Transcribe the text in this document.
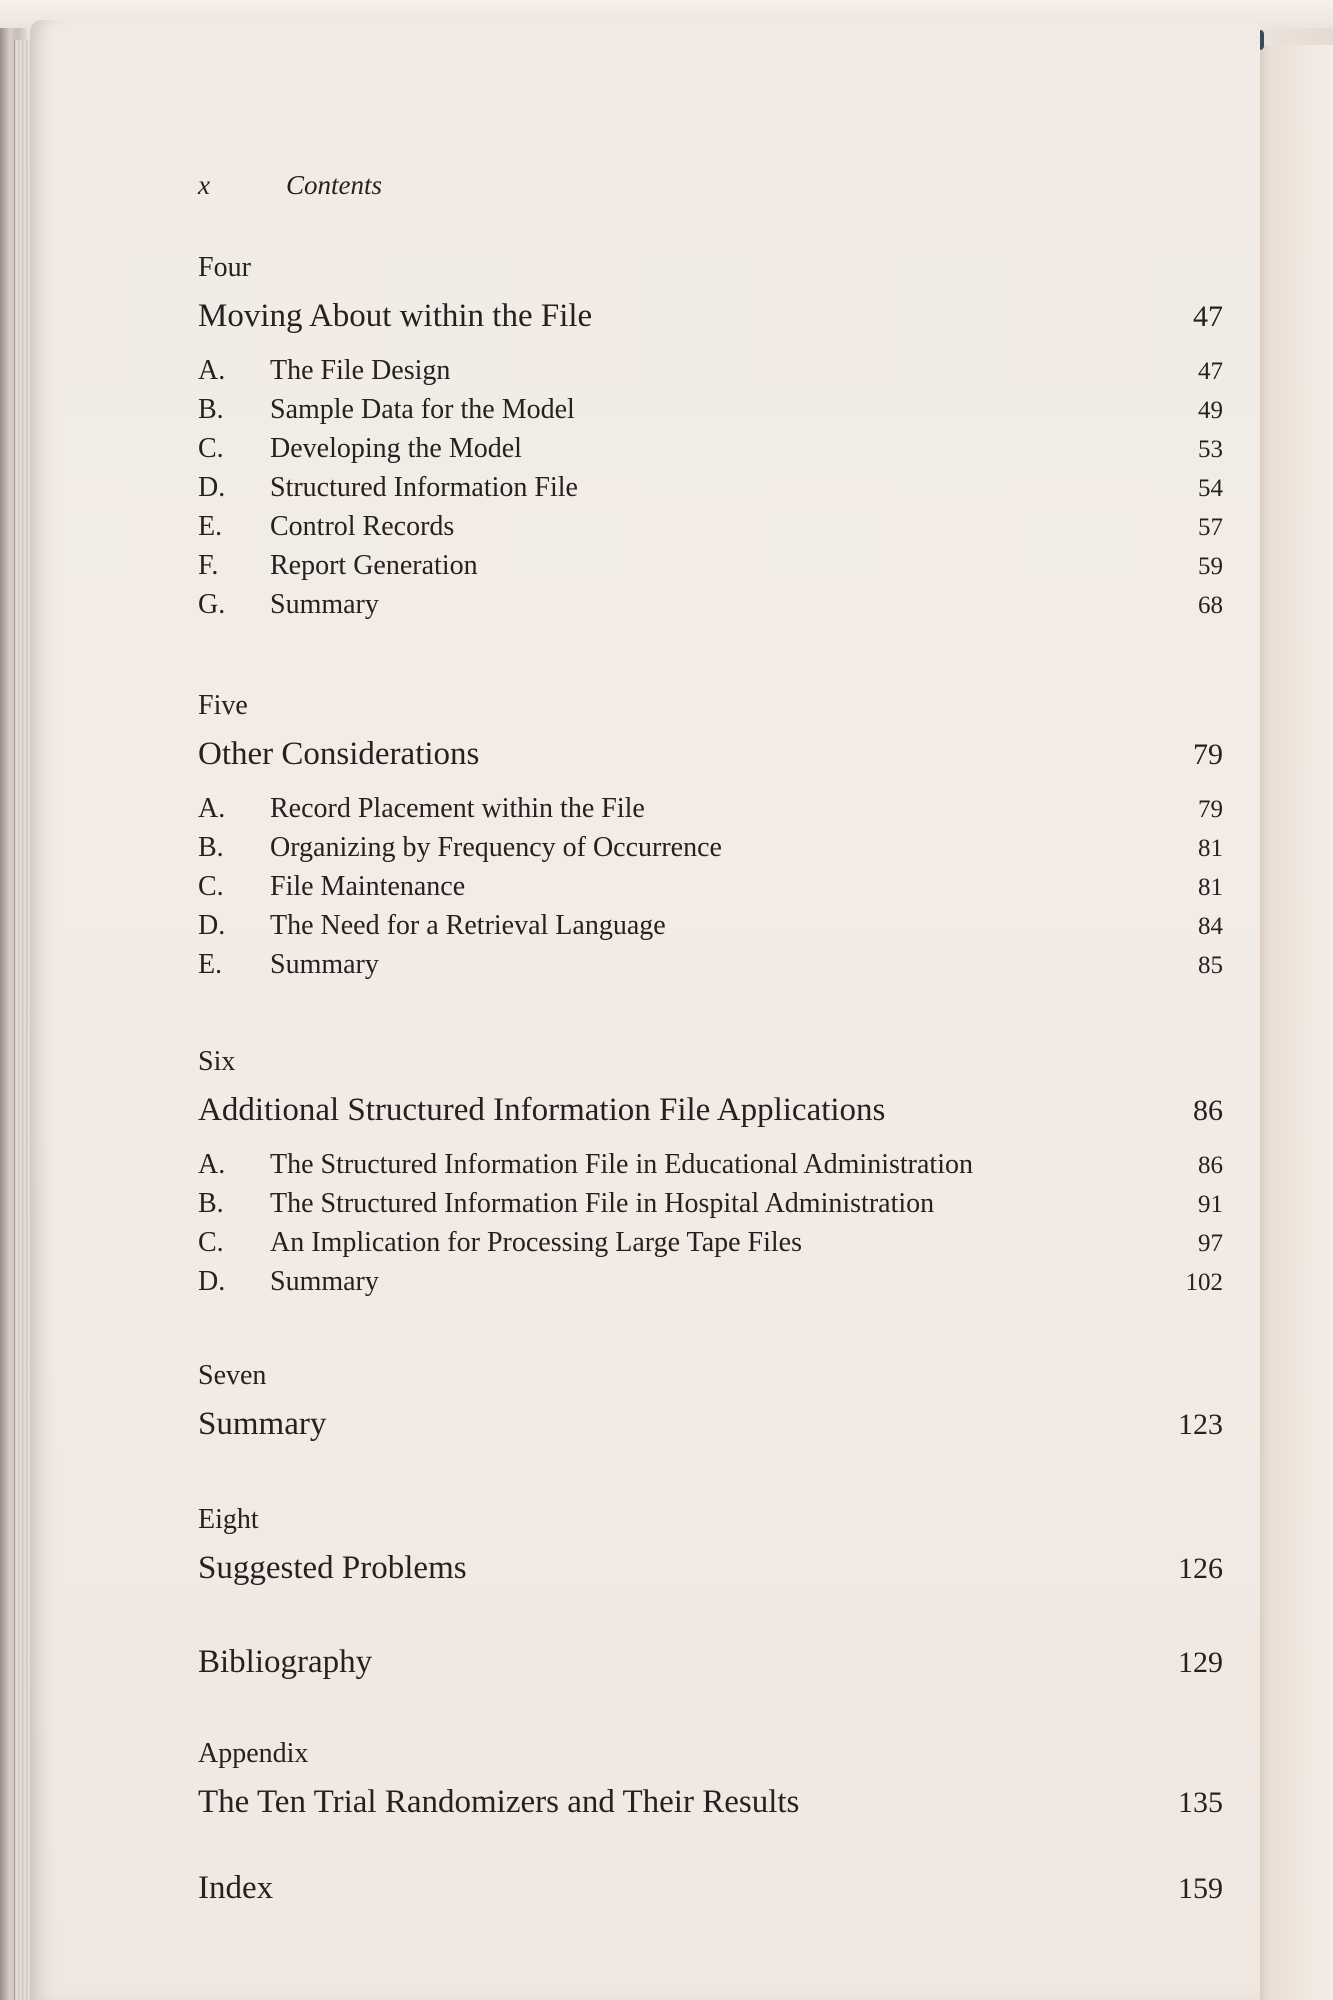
x	Contents
Four
Moving About within the File	47
A.	The File Design	47
B.	Sample Data for the Model	49
C.	Developing the Model	53
D.	Structured Information File	54
E.	Control Records	57
F.	Report Generation	59
G.	Summary	68
Five
Other Considerations	79
A.	Record Placement within the File	79
B.	Organizing by Frequency of Occurrence	81
C.	File Maintenance	81
D.	The Need for a Retrieval Language	84
E.	Summary	85
Six
Additional Structured Information File Applications	86
A.	The Structured Information File in Educational Administration	86
B.	The Structured Information File in Hospital Administration	91
C.	An Implication for Processing Large Tape Files	97
D.	Summary	102
Seven
Summary	123
Eight
Suggested Problems	126
Bibliography	129
Appendix
The Ten Trial Randomizers and Their Results	135
Index	159
